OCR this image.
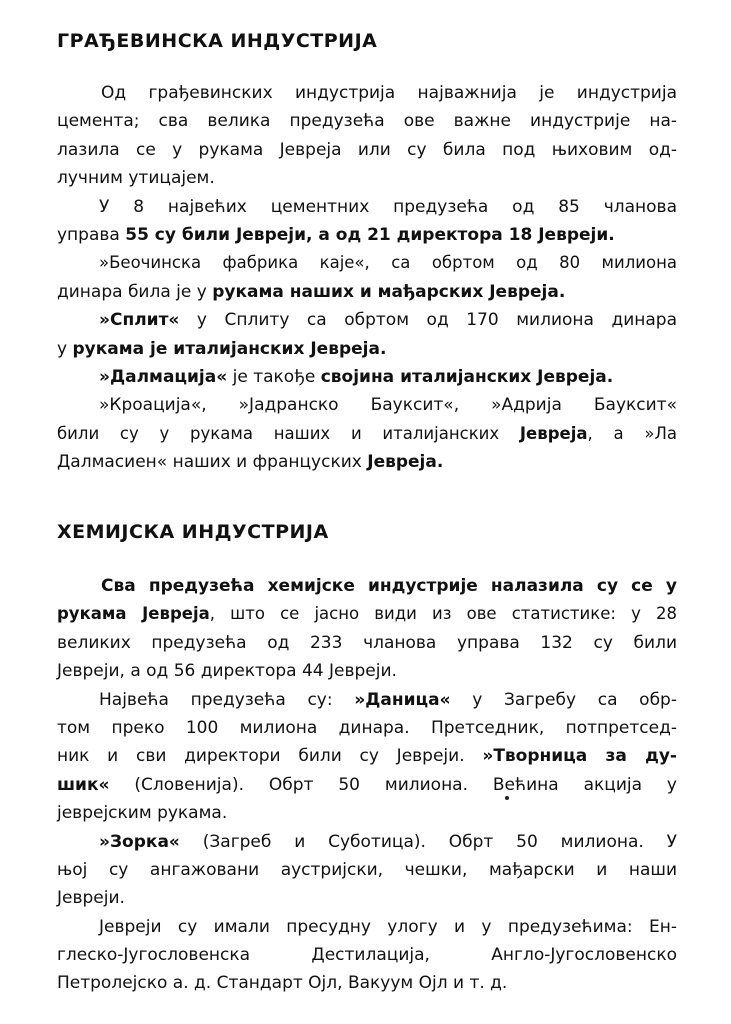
ГРАЂЕВИНСКА ИНДУСТРИЈА
Од грађевинских индустрија најважнија је индустрија
цемента; сва велика предузећа ове важне индустрије на-
лазила се у рукама Јевреја или су била под њиховим од-
лучним утицајем.
У 8 највећих цементних предузећа од 85 чланова
управа 55 су били Јевреји, а од 21 директора 18 Јевреји.
»Беочинска фабрика каје«, са обртом од 80 милиона
динара била је у рукама наших и мађарских Јевреја.
»Сплит« у Сплиту са обртом од 170 милиона динара
у рукама је италијанских Јевреја.
»Далмација« је такође својина италијанских Јевреја.
»Кроација«, »Јадранско Бауксит«, »Адрија Бауксит«
били су у рукама наших и италијанских Јевреја, а »Ла
Далмасиен« наших и француских Јевреја.
ХЕМИЈСКА ИНДУСТРИЈА
Сва предузећа хемијске индустрије налазила су се у
рукама Јевреја, што се јасно види из ове статистике: у 28
великих предузећа од 233 чланова управа 132 су били
Јевреји, а од 56 директора 44 Јевреји.
Највећа предузећа су: »Даница« у Загребу са обр-
том преко 100 милиона динара. Претседник, потпретсед-
ник и сви директори били су Јевреји. »Творница за ду-
шик« (Словенија). Обрт 50 милиона. Већина акција у
јеврејским рукама.
»Зорка« (Загреб и Суботица). Обрт 50 милиона. У
њој су ангажовани аустријски, чешки, мађарски и наши
Јевреји.
Јевреји су имали пресудну улогу и у предузећима: Ен-
глеско-Југословенска Дестилација, Англо-Југословенско
Петролејско а. д. Стандарт Ојл, Вакуум Ојл и т. д.
